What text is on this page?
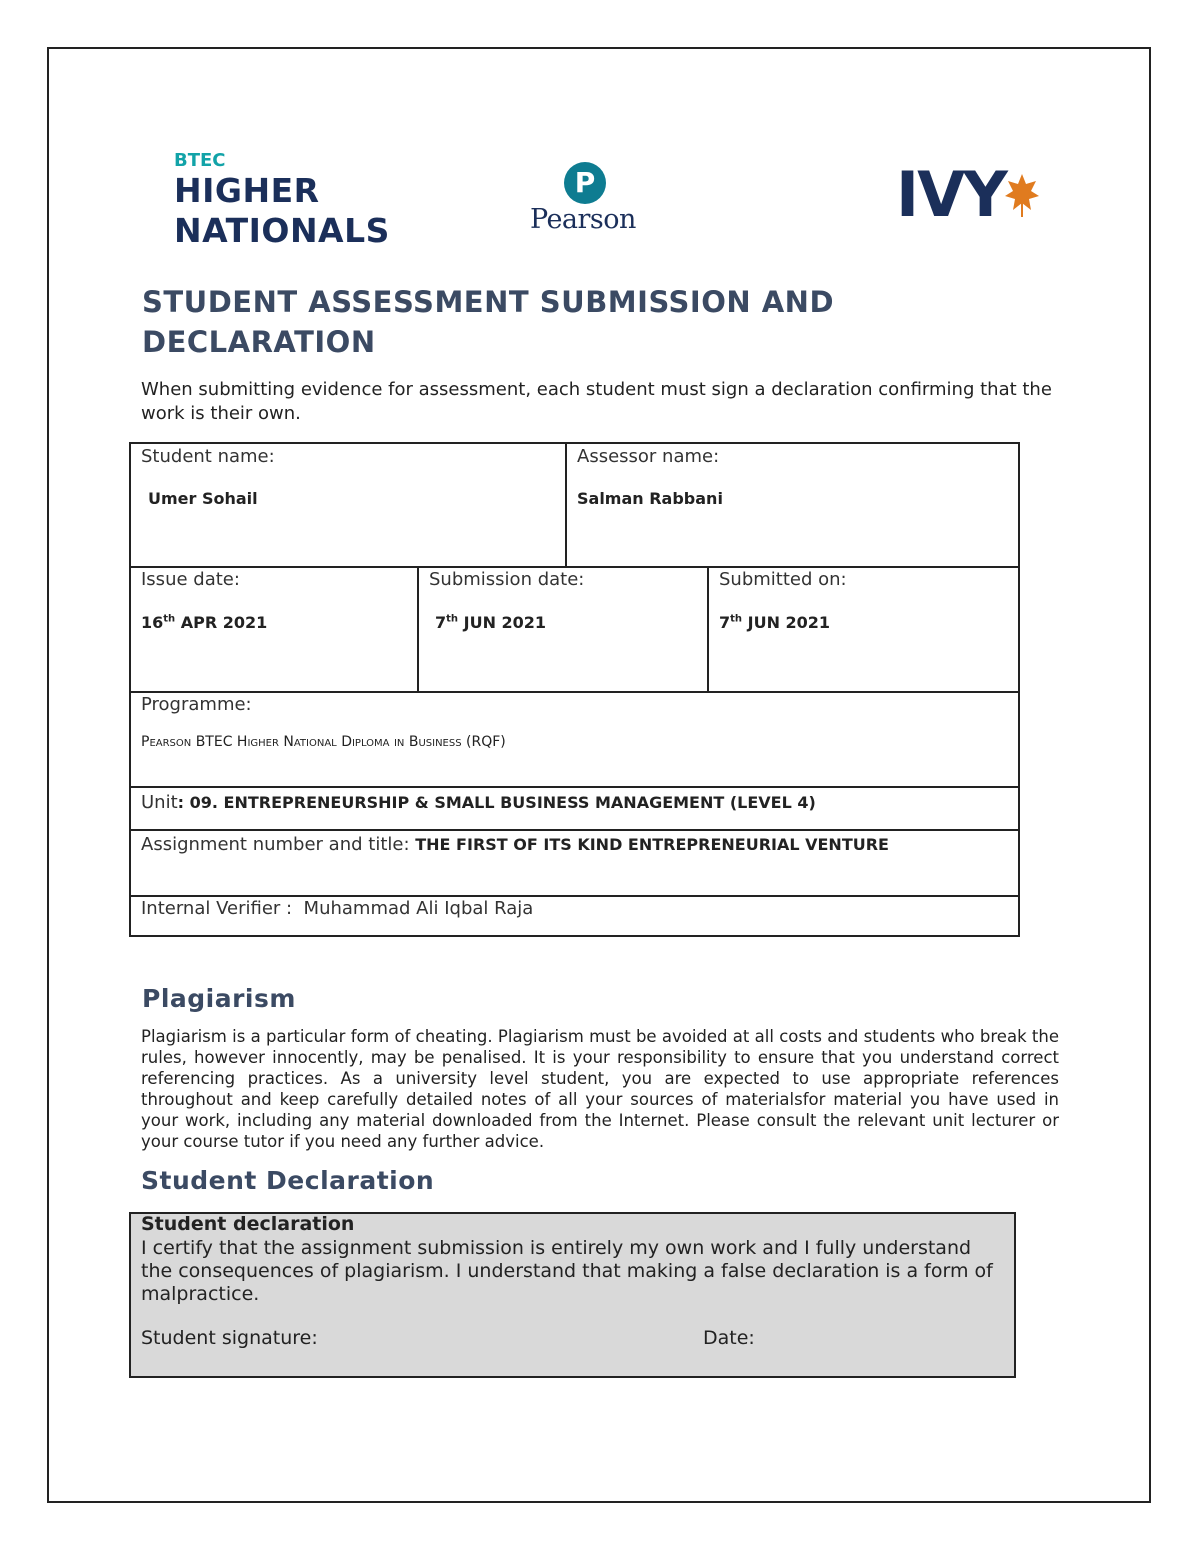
BTEC
HIGHER
NATIONALS
P
Pearson	IVY
STUDENT ASSESSMENT SUBMISSION AND DECLARATION
When submitting evidence for assessment, each student must sign a declaration confirming that the work is their own.
Student name:
Umer Sohail
Assessor name:
Salman Rabbani
Issue date:
16th APR 2021
Submission date:
7th JUN 2021
Submitted on:
7th JUN 2021
Programme:
Pearson BTEC Higher National Diploma in Business (RQF)
Unit: 09. ENTREPRENEURSHIP & SMALL BUSINESS MANAGEMENT (LEVEL 4)
Assignment number and title: THE FIRST OF ITS KIND ENTREPRENEURIAL VENTURE
Internal Verifier : Muhammad Ali Iqbal Raja
Plagiarism
Plagiarism is a particular form of cheating. Plagiarism must be avoided at all costs and students who break the rules, however innocently, may be penalised. It is your responsibility to ensure that you understand correct referencing practices. As a university level student, you are expected to use appropriate references throughout and keep carefully detailed notes of all your sources of materialsfor material you have used in your work, including any material downloaded from the Internet. Please consult the relevant unit lecturer or your course tutor if you need any further advice.
Student Declaration
Student declaration
I certify that the assignment submission is entirely my own work and I fully understand the consequences of plagiarism. I understand that making a false declaration is a form of malpractice.
Student signature:	Date:
